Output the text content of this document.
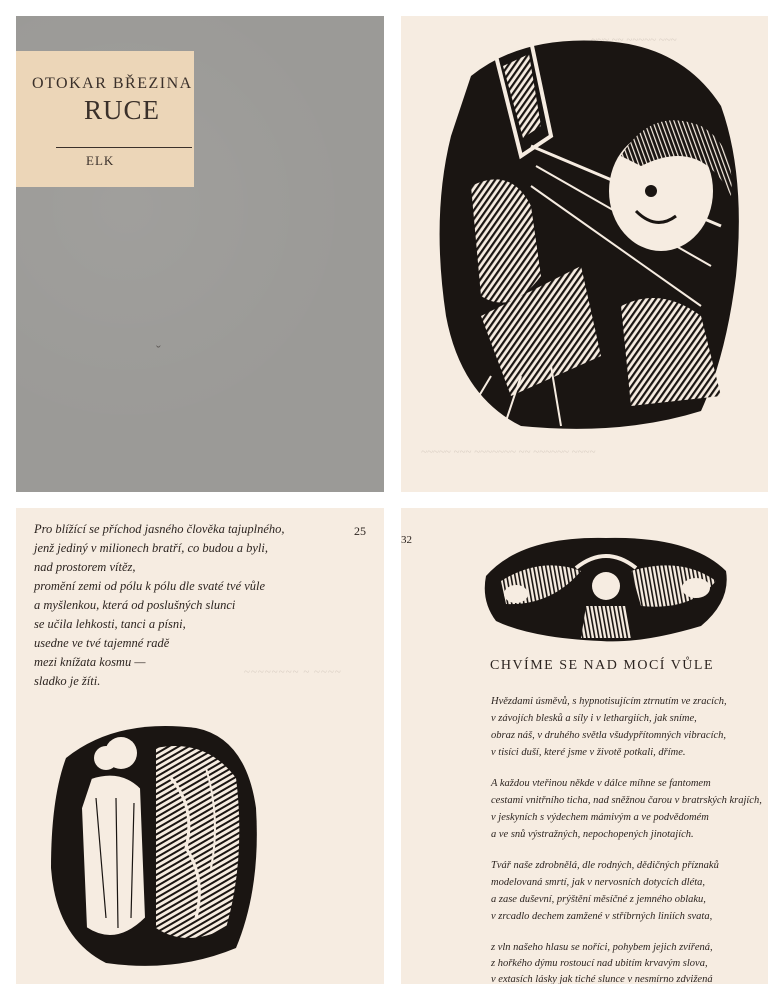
OTOKAR BŘEZINA
RUCE
ELK
ˇ
~~~ ~~ ~~~~~ ~~~
~~~~~ ~~~ ~~~~~~~ ~~ ~~~~~~ ~~~~
25
~~~~~~~~ ~ ~~~~
Pro blížící se příchod jasného člověka tajuplného,
jenž jediný v milionech bratří, co budou a byli,
nad prostorem vítěz,
promění zemi od pólu k pólu dle svaté tvé vůle
a myšlenkou, která od poslušných slunci
se učila lehkosti, tanci a písni,
usedne ve tvé tajemné radě
mezi knížata kosmu —
sladko je žíti.
32
CHVÍME SE NAD MOCÍ VŮLE
Hvězdami úsměvů, s hypnotisujícím ztrnutím ve zracích,
v závojích blesků a síly i v lethargiích, jak snímе,
obraz náš, v druhého světla všudypřítomných vibracích,
v tisíci duší, které jsme v životě potkali, dříme.
A každou vteřinou někde v dálce míhne se fantomem
cestami vnitřního ticha, nad sněžnou čarou v bratrských krajích,
v jeskyních s výdechem mámivým a ve podvědomém
a ve snů výstražných, nepochopených jinotajích.
Tvář naše zdrobnělá, dle rodných, dědičných příznaků
modelovaná smrtí, jak v nervosních dotycích dléta,
a zase duševní, prýštění měsíčné z jemného oblaku,
v zrcadlo dechem zamžené v stříbrných liniích svata,
z vln našeho hlasu se noříci, pohybem jejich zvířená,
z hořkého dýmu rostoucí nad ubitím krvavým slova,
v extasích lásky jak tiché slunce v nesmírno zdvižená
